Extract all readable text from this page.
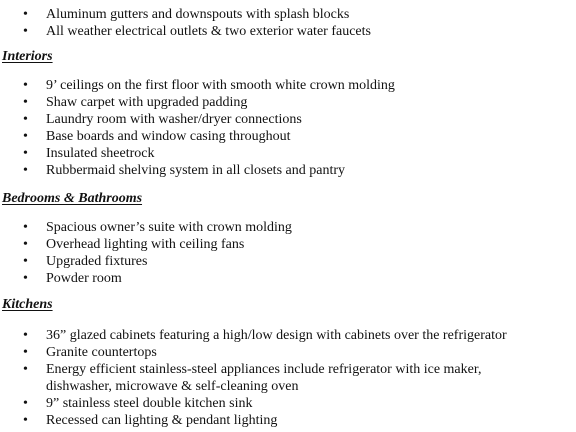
• Aluminum gutters and downspouts with splash blocks
• All weather electrical outlets & two exterior water faucets
Interiors
• 9’ ceilings on the first floor with smooth white crown molding
• Shaw carpet with upgraded padding
• Laundry room with washer/dryer connections
• Base boards and window casing throughout
• Insulated sheetrock
• Rubbermaid shelving system in all closets and pantry
Bedrooms & Bathrooms
• Spacious owner’s suite with crown molding
• Overhead lighting with ceiling fans
• Upgraded fixtures
• Powder room
Kitchens
• 36” glazed cabinets featuring a high/low design with cabinets over the refrigerator
• Granite countertops
• Energy efficient stainless-steel appliances include refrigerator with ice maker,
dishwasher, microwave & self-cleaning oven
• 9” stainless steel double kitchen sink
• Recessed can lighting & pendant lighting
